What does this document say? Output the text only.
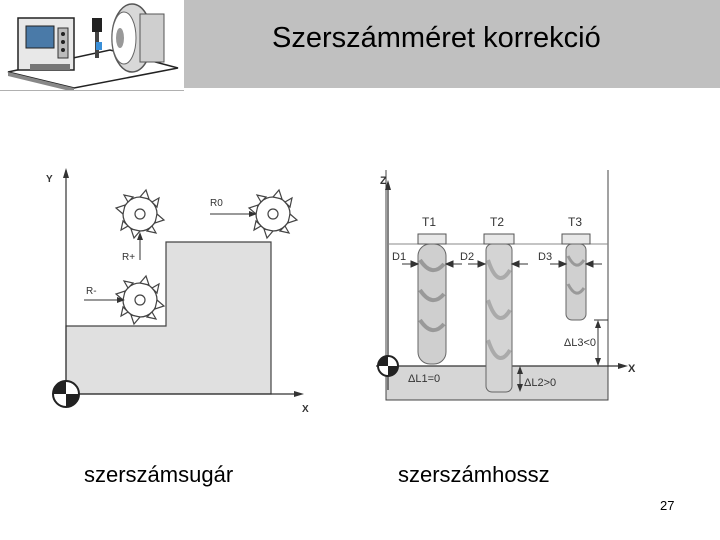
Szerszámméret korrekció
Y
X
R0
R+
R-
Z
X
T1	T2	T3
D1	D2	D3
ΔL1=0	ΔL2>0
ΔL3<0
szerszámsugár	szerszámhossz
27
